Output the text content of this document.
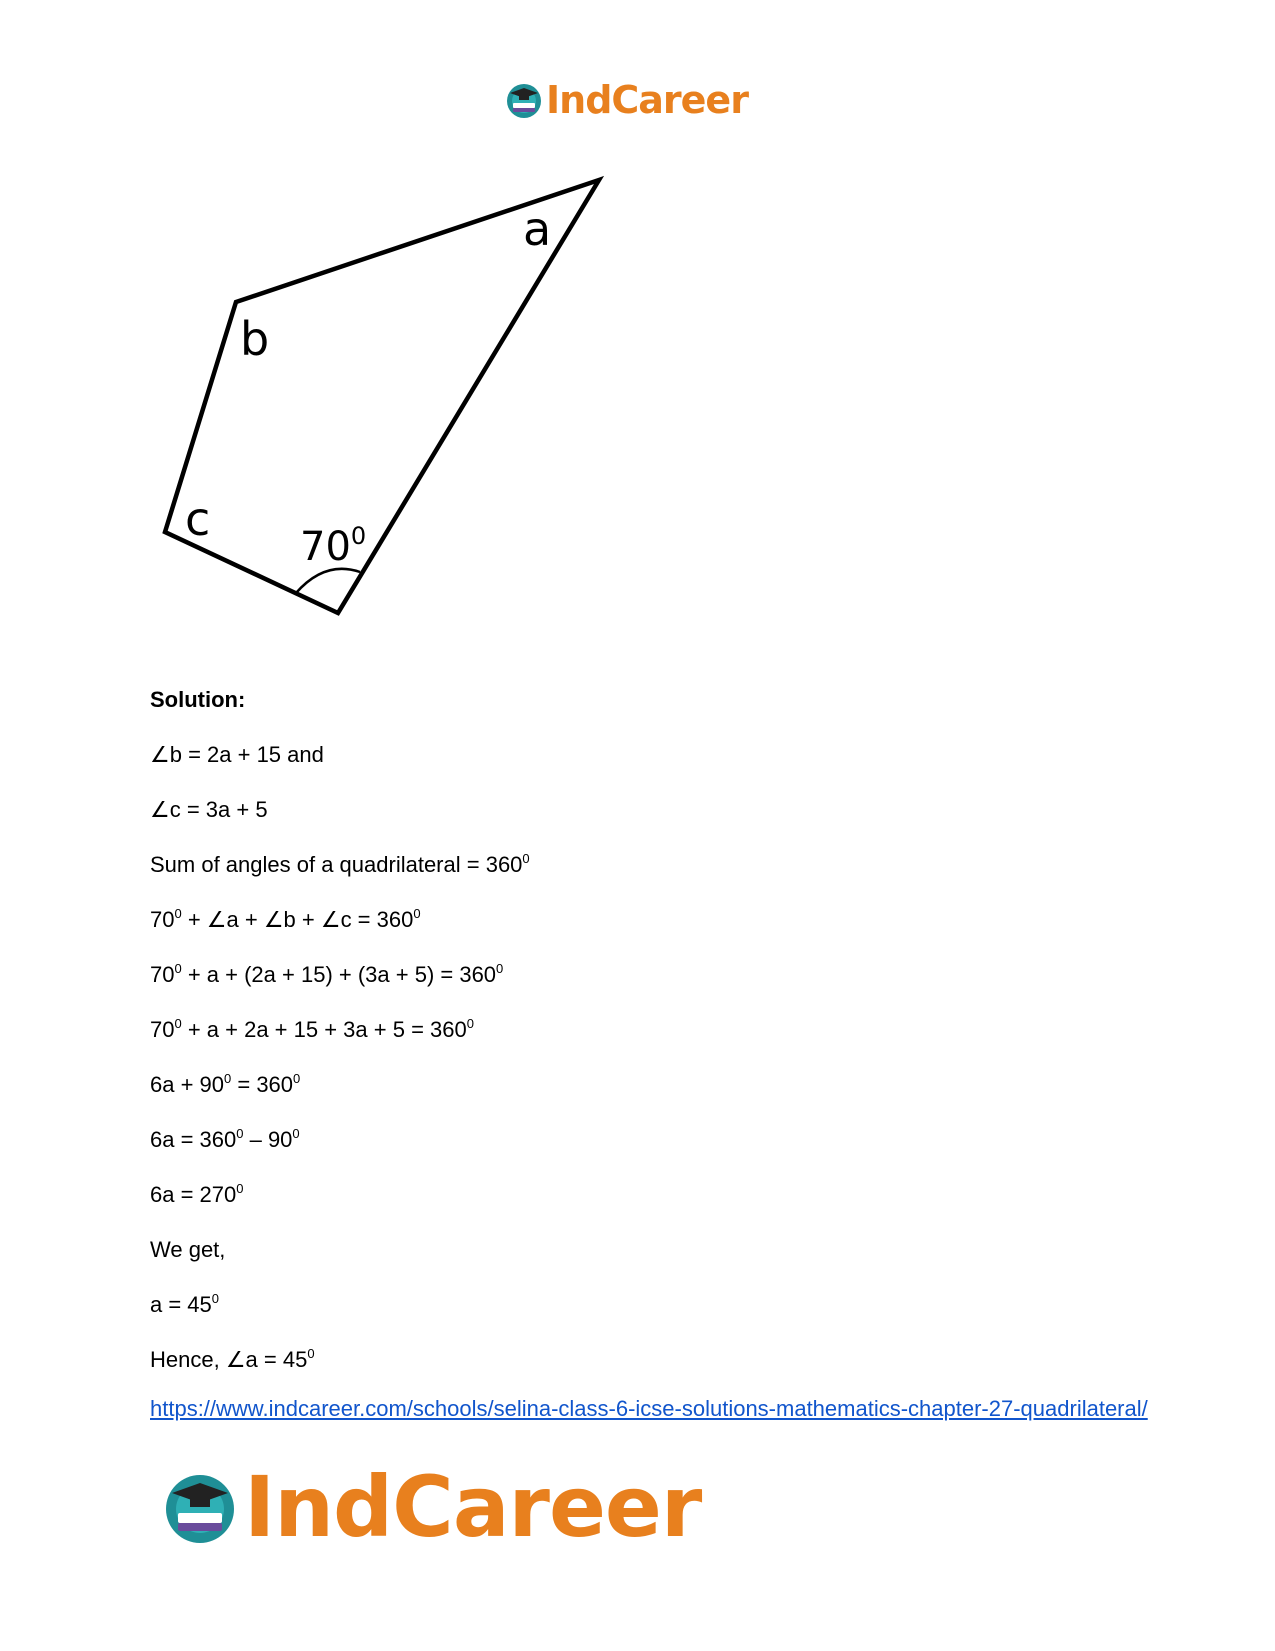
IndCareer
a
b
c
$70^0$
Solution:
∠b = 2a + 15 and
∠c = 3a + 5
Sum of angles of a quadrilateral = $360^0$
$70^0$ + ∠a + ∠b + ∠c = $360^0$
$70^0 + a + (2a + 15) + (3a + 5) = 360^0$
$70^0 + a + 2a + 15 + 3a + 5 = 360^0$
$6a + 90^0 = 360^0$
$6a = 360^0 - 90^0$
$6a = 270^0$
We get,
$a = 45^0$
Hence, ∠a = $45^0$
https://www.indcareer.com/schools/selina-class-6-icse-solutions-mathematics-chapter-27-quadrilateral/
IndCareer
